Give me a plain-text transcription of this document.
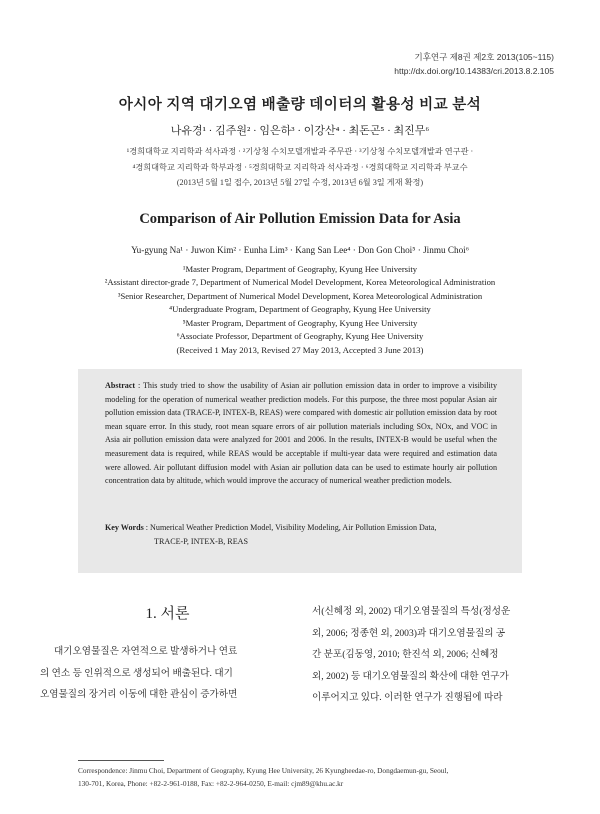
기후연구 제8권 제2호 2013(105~115)
http://dx.doi.org/10.14383/cri.2013.8.2.105
아시아 지역 대기오염 배출량 데이터의 활용성 비교 분석
나유경¹ · 김주원² · 임은하³ · 이강산⁴ · 최돈곤⁵ · 최진무⁶
¹경희대학교 지리학과 석사과정 · ²기상청 수치모델개발과 주무관 · ³기상청 수치모델개발과 연구관 ·
⁴경희대학교 지리학과 학부과정 · ⁵경희대학교 지리학과 석사과정 · ⁶경희대학교 지리학과 부교수
(2013년 5월 1일 접수, 2013년 5월 27일 수정, 2013년 6월 3일 게재 확정)
Comparison of Air Pollution Emission Data for Asia
Yu-gyung Na¹ · Juwon Kim² · Eunha Lim³ · Kang San Lee⁴ · Don Gon Choi⁵ · Jinmu Choi⁶
¹Master Program, Department of Geography, Kyung Hee University
²Assistant director-grade 7, Department of Numerical Model Development, Korea Meteorological Administration
³Senior Researcher, Department of Numerical Model Development, Korea Meteorological Administration
⁴Undergraduate Program, Department of Geography, Kyung Hee University
⁵Master Program, Department of Geography, Kyung Hee University
⁶Associate Professor, Department of Geography, Kyung Hee University
(Received 1 May 2013, Revised 27 May 2013, Accepted 3 June 2013)
Abstract : This study tried to show the usability of Asian air pollution emission data in order to improve a visibility modeling for the operation of numerical weather prediction models. For this purpose, the three most popular Asian air pollution emission data (TRACE-P, INTEX-B, REAS) were compared with domestic air pollution emission data by root mean square error. In this study, root mean square errors of air pollution materials including SOx, NOx, and VOC in Asia air pollution emission data were analyzed for 2001 and 2006. In the results, INTEX-B would be useful when the measurement data is required, while REAS would be acceptable if multi-year data were required and estimation data were allowed. Air pollutant diffusion model with Asian air pollution data can be used to estimate hourly air pollution concentration data by altitude, which would improve the accuracy of numerical weather prediction models.
Key Words : Numerical Weather Prediction Model, Visibility Modeling, Air Pollution Emission Data,
TRACE-P, INTEX-B, REAS
1. 서론
대기오염물질은 자연적으로 발생하거나 연료
의 연소 등 인위적으로 생성되어 배출된다. 대기
오염물질의 장거리 이동에 대한 관심이 증가하면
서(신혜정 외, 2002) 대기오염물질의 특성(정성운
외, 2006; 정종현 외, 2003)과 대기오염물질의 공
간 분포(김동영, 2010; 한진석 외, 2006; 신혜정
외, 2002) 등 대기오염물질의 확산에 대한 연구가
이루어지고 있다. 이러한 연구가 진행됨에 따라
Correspondence: Jinmu Choi, Department of Geography, Kyung Hee University, 26 Kyungheedae-ro, Dongdaemun-gu, Seoul,
130-701, Korea, Phone: +82-2-961-0188, Fax: +82-2-964-0250, E-mail: cjm89@khu.ac.kr
